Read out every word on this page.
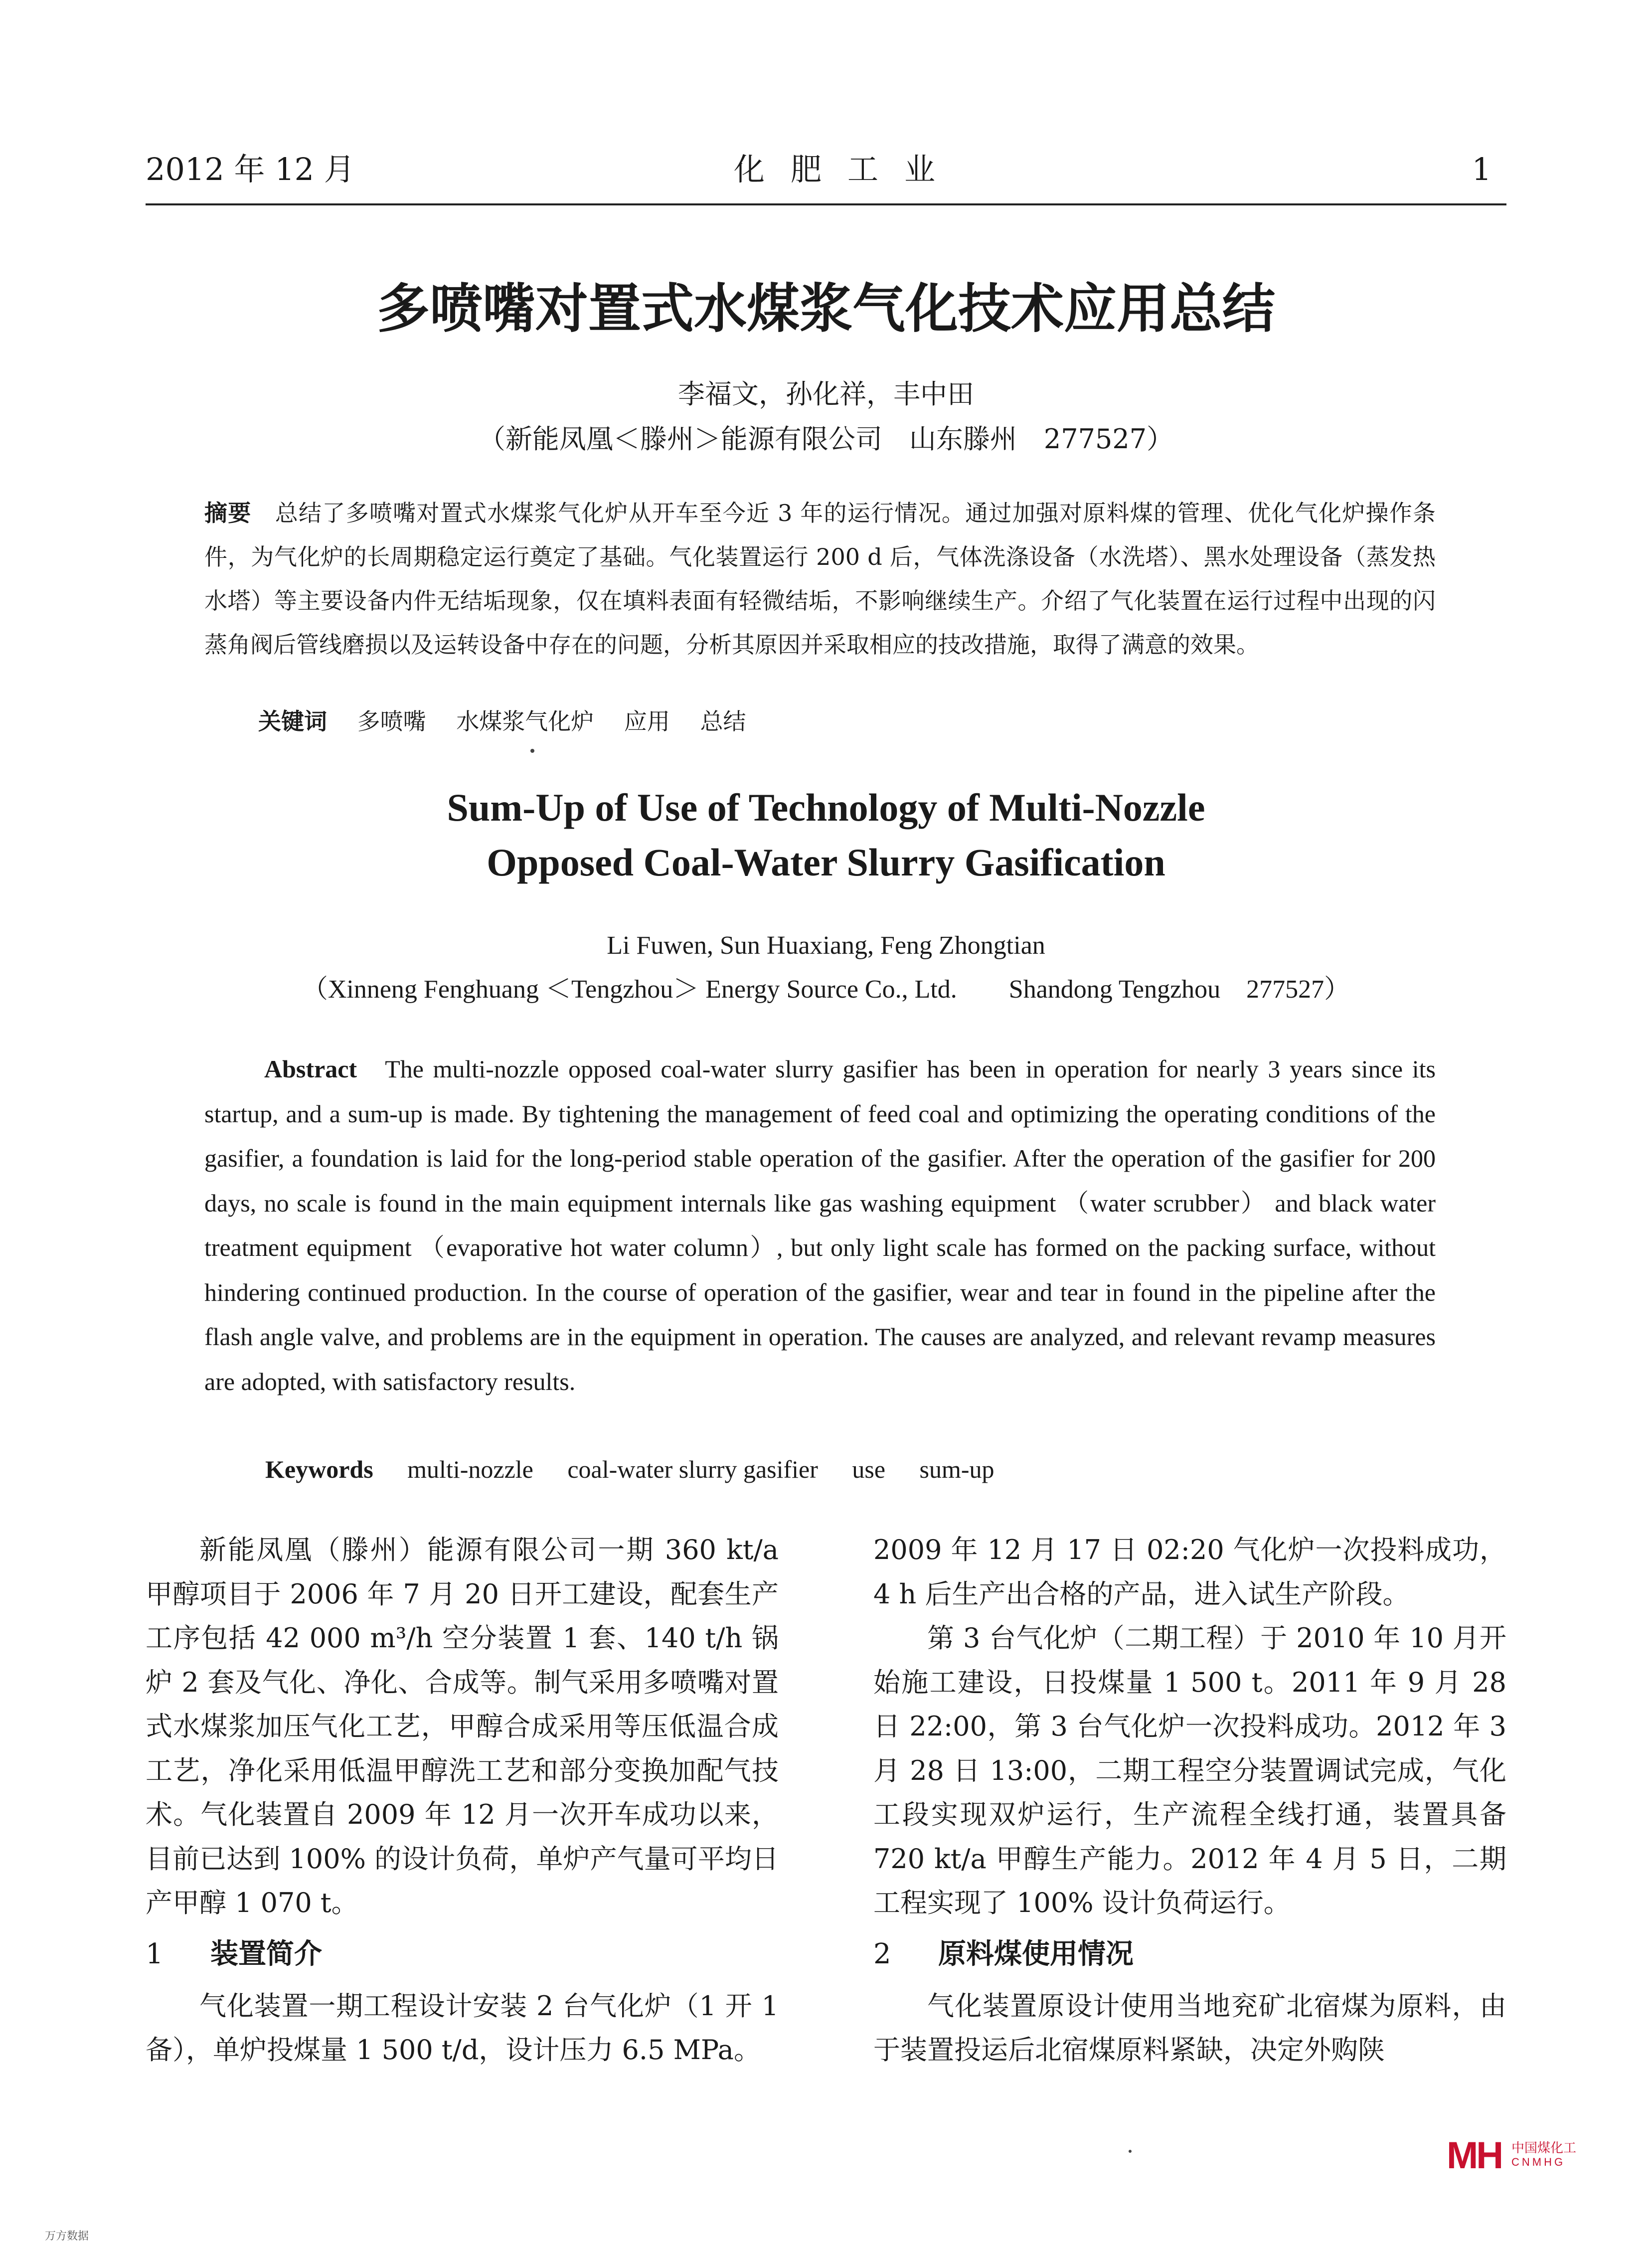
2012 年 12 月	化肥工业	1
多喷嘴对置式水煤浆气化技术应用总结
李福文，孙化祥，丰中田
（新能凤凰＜滕州＞能源有限公司　山东滕州　277527）

摘要　 总结了多喷嘴对置式水煤浆气化炉从开车至今近 3 年的运行情况。通过加强对原料煤的管理、优化气化炉操作条件，为气化炉的长周期稳定运行奠定了基础。气化装置运行 200 d 后，气体洗涤设备（水洗塔）、黑水处理设备（蒸发热水塔）等主要设备内件无结垢现象，仅在填料表面有轻微结垢，不影响继续生产。介绍了气化装置在运行过程中出现的闪蒸角阀后管线磨损以及运转设备中存在的问题，分析其原因并采取相应的技改措施，取得了满意的效果。

关键词　 多喷嘴 水煤浆气化炉 应用 总结
Sum-Up of Use of Technology of Multi-Nozzle
Opposed Coal-Water Slurry Gasification
Li Fuwen, Sun Huaxiang, Feng Zhongtian
（Xinneng Fenghuang ＜Tengzhou＞ Energy Source Co., Ltd.　　Shandong Tengzhou　277527）

Abstract The multi-nozzle opposed coal-water slurry gasifier has been in operation for nearly 3 years since its startup, and a sum-up is made. By tightening the management of feed coal and optimizing the operating conditions of the gasifier, a foundation is laid for the long-period stable operation of the gasifier. After the operation of the gasifier for 200 days, no scale is found in the main equipment internals like gas washing equipment （water scrubber） and black water treatment equipment （evaporative hot water column）, but only light scale has formed on the packing surface, without hindering continued production. In the course of operation of the gasifier, wear and tear in found in the pipeline after the flash angle valve, and problems are in the equipment in operation. The causes are analyzed, and relevant revamp measures are adopted, with satisfactory results.

Keywords multi-nozzle coal-water slurry gasifier use sum-up

新能凤凰（滕州）能源有限公司一期 360 kt/a 甲醇项目于 2006 年 7 月 20 日开工建设，配套生产工序包括 42 000 m³/h 空分装置 1 套、140 t/h 锅炉 2 套及气化、净化、合成等。制气采用多喷嘴对置式水煤浆加压气化工艺，甲醇合成采用等压低温合成工艺，净化采用低温甲醇洗工艺和部分变换加配气技术。气化装置自 2009 年 12 月一次开车成功以来，目前已达到 100% 的设计负荷，单炉产气量可平均日产甲醇 1 070 t。

1 装置简介

气化装置一期工程设计安装 2 台气化炉（1 开 1 备），单炉投煤量 1 500 t/d，设计压力 6.5 MPa。

2009 年 12 月 17 日 02:20 气化炉一次投料成功，4 h 后生产出合格的产品，进入试生产阶段。

第 3 台气化炉（二期工程）于 2010 年 10 月开始施工建设，日投煤量 1 500 t。2011 年 9 月 28 日 22:00，第 3 台气化炉一次投料成功。2012 年 3 月 28 日 13:00，二期工程空分装置调试完成，气化工段实现双炉运行，生产流程全线打通，装置具备 720 kt/a 甲醇生产能力。2012 年 4 月 5 日，二期工程实现了 100% 设计负荷运行。

2 原料煤使用情况

气化装置原设计使用当地兖矿北宿煤为原料，由于装置投运后北宿煤原料紧缺，决定外购陕

MH 中国煤化工
CNMHG
万方数据
